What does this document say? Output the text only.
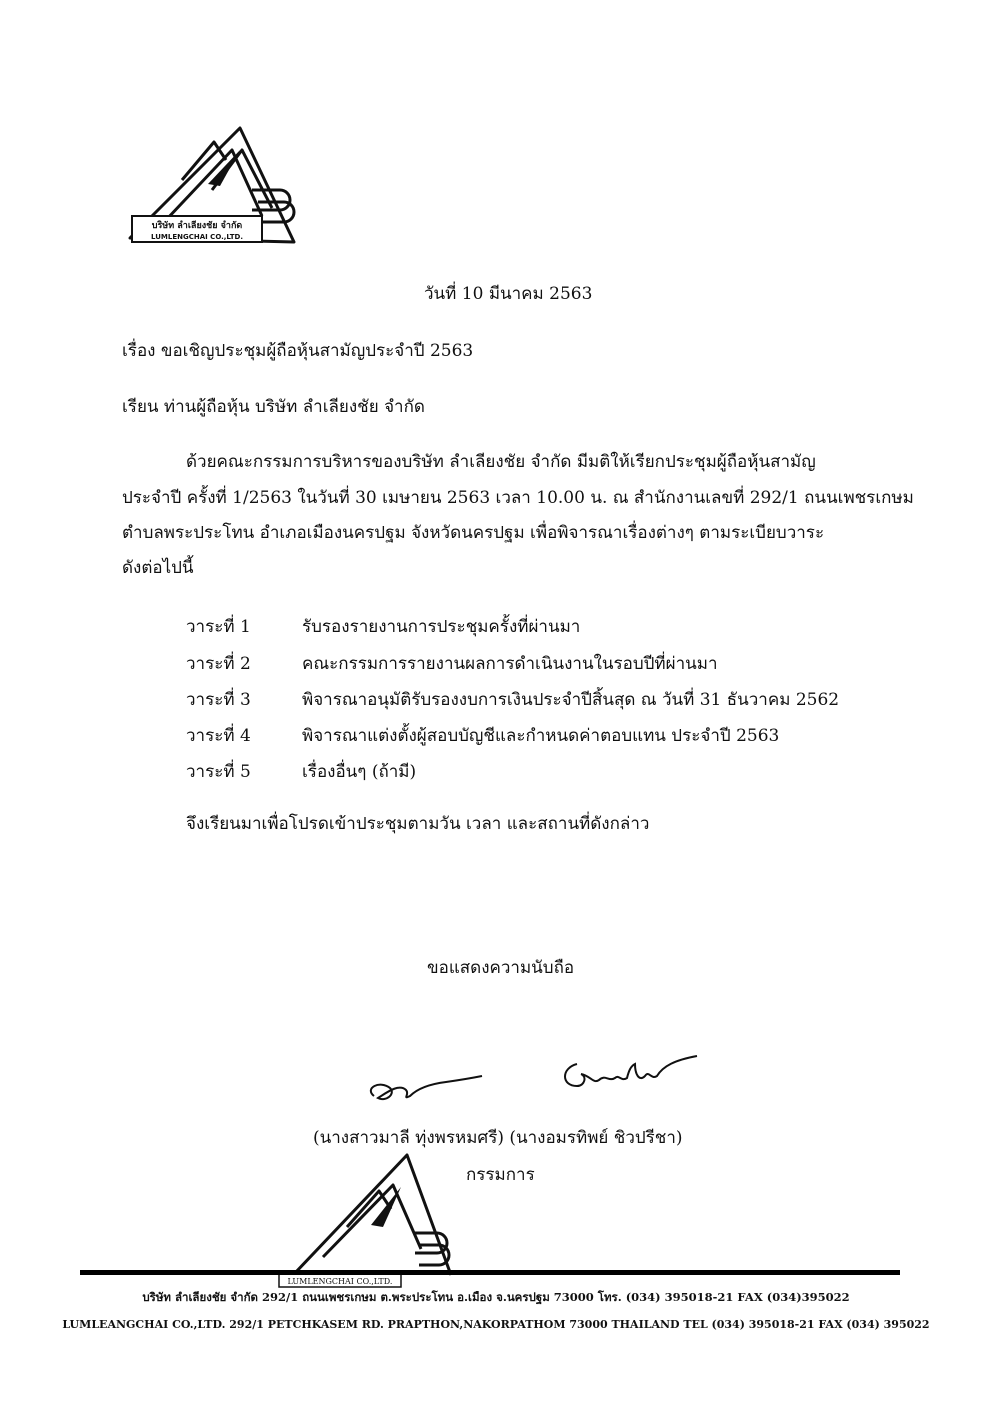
บริษัท ลำเลียงชัย จำกัด
LUMLENGCHAI CO.,LTD.
วันที่ 10 มีนาคม 2563
เรื่อง ขอเชิญประชุมผู้ถือหุ้นสามัญประจำปี 2563
เรียน ท่านผู้ถือหุ้น บริษัท ลำเลียงชัย จำกัด
ด้วยคณะกรรมการบริหารของบริษัท ลำเลียงชัย จำกัด มีมติให้เรียกประชุมผู้ถือหุ้นสามัญ
ประจำปี ครั้งที่ 1/2563 ในวันที่ 30 เมษายน 2563 เวลา 10.00 น. ณ สำนักงานเลขที่ 292/1 ถนนเพชรเกษม
ตำบลพระประโทน อำเภอเมืองนครปฐม จังหวัดนครปฐม เพื่อพิจารณาเรื่องต่างๆ ตามระเบียบวาระ
ดังต่อไปนี้
วาระที่ 1	รับรองรายงานการประชุมครั้งที่ผ่านมา
วาระที่ 2	คณะกรรมการรายงานผลการดำเนินงานในรอบปีที่ผ่านมา
วาระที่ 3	พิจารณาอนุมัติรับรองงบการเงินประจำปีสิ้นสุด ณ วันที่ 31 ธันวาคม 2562
วาระที่ 4	พิจารณาแต่งตั้งผู้สอบบัญชีและกำหนดค่าตอบแทน ประจำปี 2563
วาระที่ 5	เรื่องอื่นๆ (ถ้ามี)
จึงเรียนมาเพื่อโปรดเข้าประชุมตามวัน เวลา และสถานที่ดังกล่าว
ขอแสดงความนับถือ
(นางสาวมาลี ทุ่งพรหมศรี) (นางอมรทิพย์ ชิวปรีชา)
กรรมการ
LUMLENGCHAI CO.,LTD.
บริษัท ลำเลียงชัย จำกัด 292/1 ถนนเพชรเกษม ต.พระประโทน อ.เมือง จ.นครปฐม 73000 โทร. (034) 395018-21 FAX (034)395022
LUMLEANGCHAI CO.,LTD. 292/1 PETCHKASEM RD. PRAPTHON,NAKORPATHOM 73000 THAILAND TEL (034) 395018-21 FAX (034) 395022
